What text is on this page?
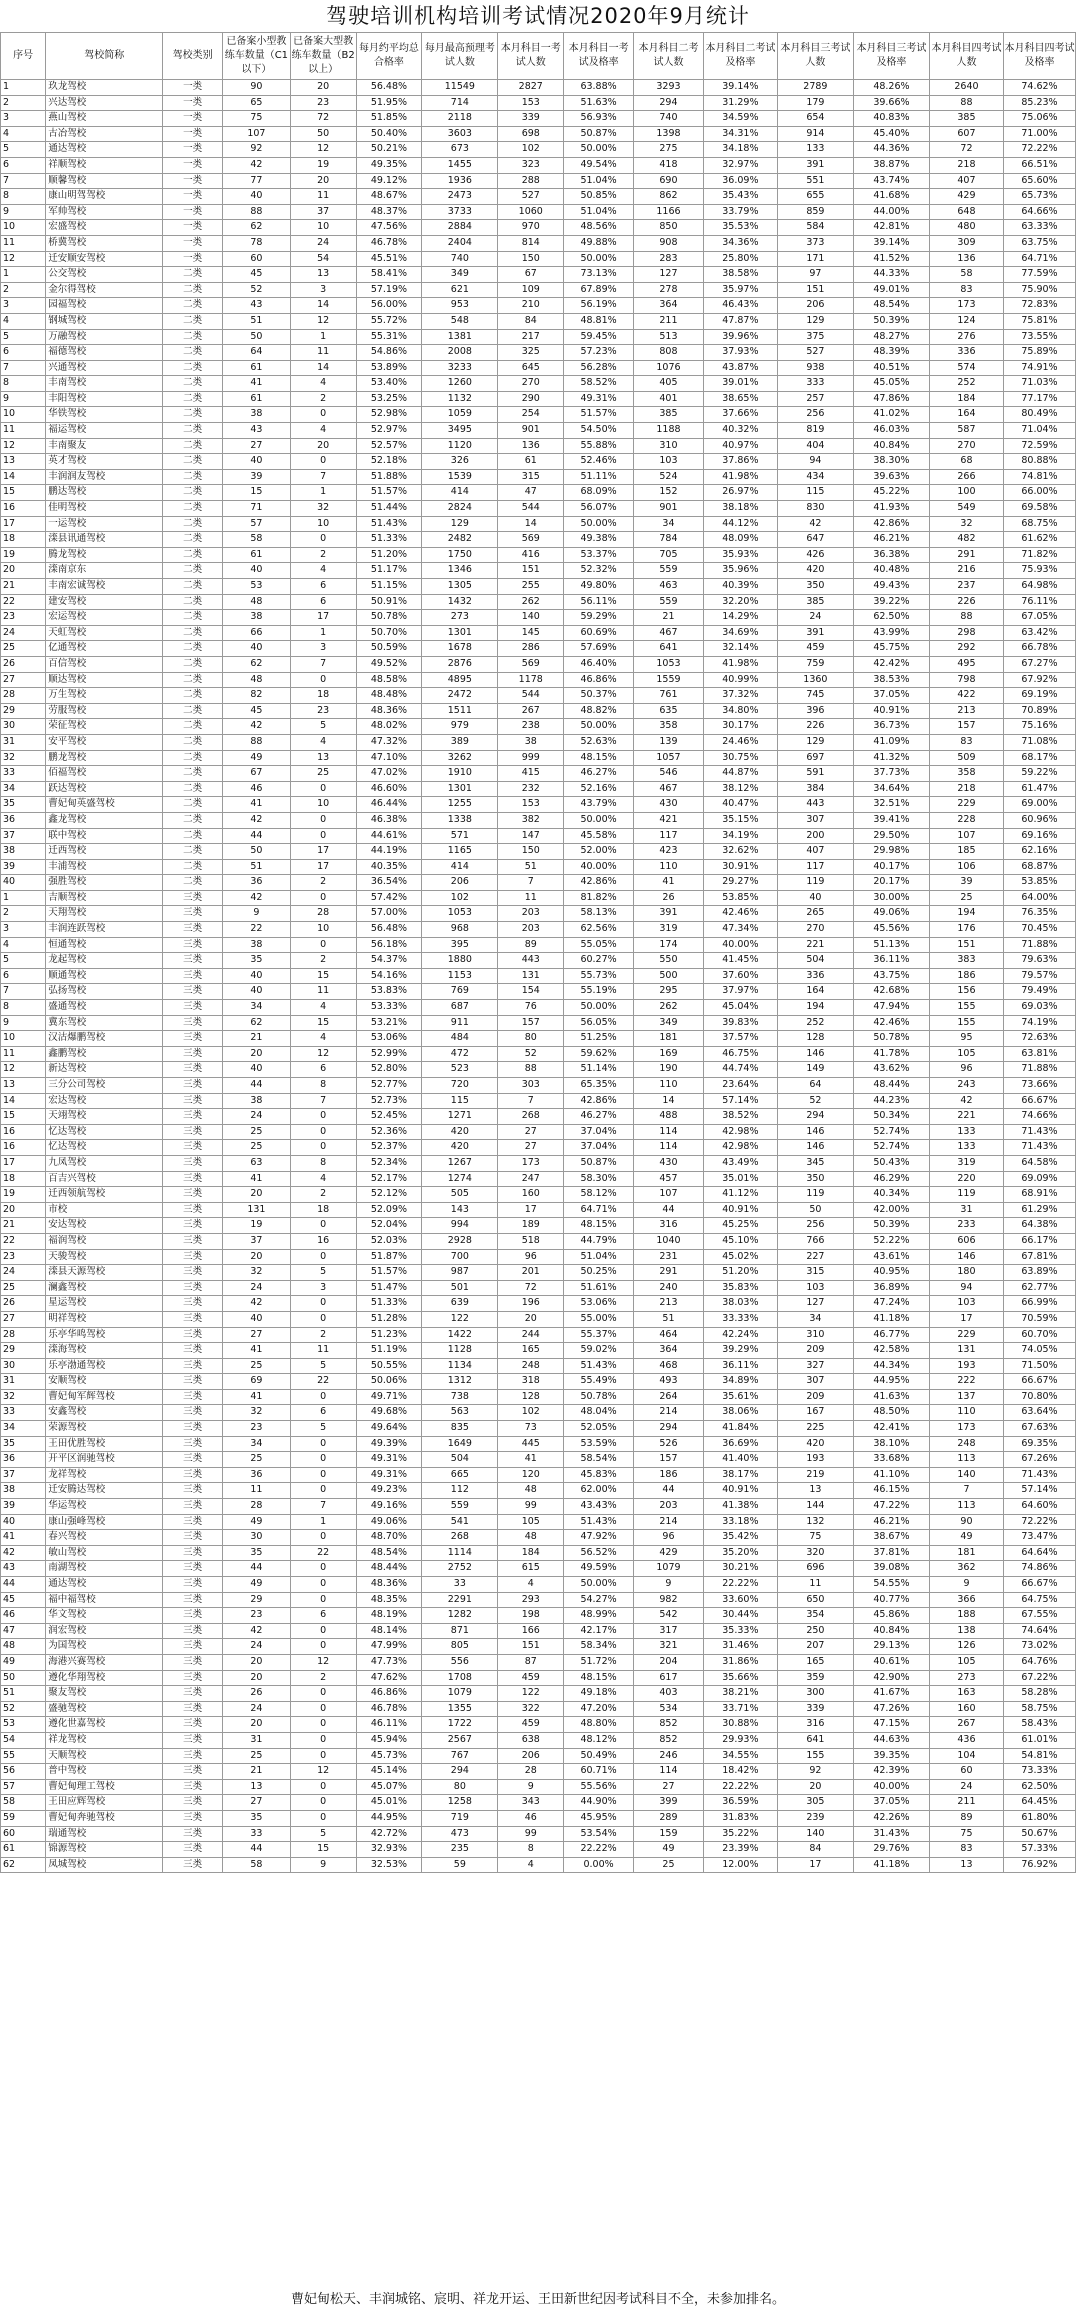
驾驶培训机构培训考试情况2020年9月统计
序号	驾校简称	驾校类别	已备案小型教练车数量（C1以下）	已备案大型教练车数量（B2以上）	每月约平均总合格率	每月最高预理考试人数	本月科目一考试人数	本月科目一考试及格率	本月科目二考试人数	本月科目二考试及格率	本月科目三考试人数	本月科目三考试及格率	本月科目四考试人数	本月科目四考试及格率
1	玖龙驾校	一类	90	20	56.48%	11549	2827	63.88%	3293	39.14%	2789	48.26%	2640	74.62%
2	兴达驾校	一类	65	23	51.95%	714	153	51.63%	294	31.29%	179	39.66%	88	85.23%
3	燕山驾校	一类	75	72	51.85%	2118	339	56.93%	740	34.59%	654	40.83%	385	75.06%
4	古冶驾校	一类	107	50	50.40%	3603	698	50.87%	1398	34.31%	914	45.40%	607	71.00%
5	通达驾校	一类	92	12	50.21%	673	102	50.00%	275	34.18%	133	44.36%	72	72.22%
6	祥顺驾校	一类	42	19	49.35%	1455	323	49.54%	418	32.97%	391	38.87%	218	66.51%
7	顺馨驾校	一类	77	20	49.12%	1936	288	51.04%	690	36.09%	551	43.74%	407	65.60%
8	康山明驾驾校	一类	40	11	48.67%	2473	527	50.85%	862	35.43%	655	41.68%	429	65.73%
9	军帅驾校	一类	88	37	48.37%	3733	1060	51.04%	1166	33.79%	859	44.00%	648	64.66%
10	宏盛驾校	一类	62	10	47.56%	2884	970	48.56%	850	35.53%	584	42.81%	480	63.33%
11	桥冀驾校	一类	78	24	46.78%	2404	814	49.88%	908	34.36%	373	39.14%	309	63.75%
12	迁安顺安驾校	一类	60	54	45.51%	740	150	50.00%	283	25.80%	171	41.52%	136	64.71%
1	公交驾校	二类	45	13	58.41%	349	67	73.13%	127	38.58%	97	44.33%	58	77.59%
2	金尔得驾校	二类	52	3	57.19%	621	109	67.89%	278	35.97%	151	49.01%	83	75.90%
3	园福驾校	二类	43	14	56.00%	953	210	56.19%	364	46.43%	206	48.54%	173	72.83%
4	钢城驾校	二类	51	12	55.72%	548	84	48.81%	211	47.87%	129	50.39%	124	75.81%
5	万融驾校	二类	50	1	55.31%	1381	217	59.45%	513	39.96%	375	48.27%	276	73.55%
6	福德驾校	二类	64	11	54.86%	2008	325	57.23%	808	37.93%	527	48.39%	336	75.89%
7	兴通驾校	二类	61	14	53.89%	3233	645	56.28%	1076	43.87%	938	40.51%	574	74.91%
8	丰南驾校	二类	41	4	53.40%	1260	270	58.52%	405	39.01%	333	45.05%	252	71.03%
9	丰阳驾校	二类	61	2	53.25%	1132	290	49.31%	401	38.65%	257	47.86%	184	77.17%
10	华铁驾校	二类	38	0	52.98%	1059	254	51.57%	385	37.66%	256	41.02%	164	80.49%
11	福运驾校	二类	43	4	52.97%	3495	901	54.50%	1188	40.32%	819	46.03%	587	71.04%
12	丰南聚友	二类	27	20	52.57%	1120	136	55.88%	310	40.97%	404	40.84%	270	72.59%
13	英才驾校	二类	40	0	52.18%	326	61	52.46%	103	37.86%	94	38.30%	68	80.88%
14	丰润润友驾校	二类	39	7	51.88%	1539	315	51.11%	524	41.98%	434	39.63%	266	74.81%
15	鹏达驾校	二类	15	1	51.57%	414	47	68.09%	152	26.97%	115	45.22%	100	66.00%
16	佳明驾校	二类	71	32	51.44%	2824	544	56.07%	901	38.18%	830	41.93%	549	69.58%
17	一运驾校	二类	57	10	51.43%	129	14	50.00%	34	44.12%	42	42.86%	32	68.75%
18	滦县讯通驾校	二类	58	0	51.33%	2482	569	49.38%	784	48.09%	647	46.21%	482	61.62%
19	腾龙驾校	二类	61	2	51.20%	1750	416	53.37%	705	35.93%	426	36.38%	291	71.82%
20	滦南京东	二类	40	4	51.17%	1346	151	52.32%	559	35.96%	420	40.48%	216	75.93%
21	丰南宏诚驾校	二类	53	6	51.15%	1305	255	49.80%	463	40.39%	350	49.43%	237	64.98%
22	建安驾校	二类	48	6	50.91%	1432	262	56.11%	559	32.20%	385	39.22%	226	76.11%
23	宏运驾校	二类	38	17	50.78%	273	140	59.29%	21	14.29%	24	62.50%	88	67.05%
24	天虹驾校	二类	66	1	50.70%	1301	145	60.69%	467	34.69%	391	43.99%	298	63.42%
25	亿通驾校	二类	40	3	50.59%	1678	286	57.69%	641	32.14%	459	45.75%	292	66.78%
26	百信驾校	二类	62	7	49.52%	2876	569	46.40%	1053	41.98%	759	42.42%	495	67.27%
27	顺达驾校	二类	48	0	48.58%	4895	1178	46.86%	1559	40.99%	1360	38.53%	798	67.92%
28	万生驾校	二类	82	18	48.48%	2472	544	50.37%	761	37.32%	745	37.05%	422	69.19%
29	劳服驾校	二类	45	23	48.36%	1511	267	48.82%	635	34.80%	396	40.91%	213	70.89%
30	荣征驾校	二类	42	5	48.02%	979	238	50.00%	358	30.17%	226	36.73%	157	75.16%
31	安平驾校	二类	88	4	47.32%	389	38	52.63%	139	24.46%	129	41.09%	83	71.08%
32	鹏龙驾校	二类	49	13	47.10%	3262	999	48.15%	1057	30.75%	697	41.32%	509	68.17%
33	佰福驾校	二类	67	25	47.02%	1910	415	46.27%	546	44.87%	591	37.73%	358	59.22%
34	跃达驾校	二类	46	0	46.60%	1301	232	52.16%	467	38.12%	384	34.64%	218	61.47%
35	曹妃甸英盛驾校	二类	41	10	46.44%	1255	153	43.79%	430	40.47%	443	32.51%	229	69.00%
36	鑫龙驾校	二类	42	0	46.38%	1338	382	50.00%	421	35.15%	307	39.41%	228	60.96%
37	联中驾校	二类	44	0	44.61%	571	147	45.58%	117	34.19%	200	29.50%	107	69.16%
38	迁西驾校	二类	50	17	44.19%	1165	150	52.00%	423	32.62%	407	29.98%	185	62.16%
39	丰浦驾校	二类	51	17	40.35%	414	51	40.00%	110	30.91%	117	40.17%	106	68.87%
40	强胜驾校	二类	36	2	36.54%	206	7	42.86%	41	29.27%	119	20.17%	39	53.85%
1	吉顺驾校	三类	42	0	57.42%	102	11	81.82%	26	53.85%	40	30.00%	25	64.00%
2	天翔驾校	三类	9	28	57.00%	1053	203	58.13%	391	42.46%	265	49.06%	194	76.35%
3	丰润连跃驾校	三类	22	10	56.48%	968	203	62.56%	319	47.34%	270	45.56%	176	70.45%
4	恒通驾校	三类	38	0	56.18%	395	89	55.05%	174	40.00%	221	51.13%	151	71.88%
5	龙起驾校	三类	35	2	54.37%	1880	443	60.27%	550	41.45%	504	36.11%	383	79.63%
6	顺通驾校	三类	40	15	54.16%	1153	131	55.73%	500	37.60%	336	43.75%	186	79.57%
7	弘扬驾校	三类	40	11	53.83%	769	154	55.19%	295	37.97%	164	42.68%	156	79.49%
8	盛通驾校	三类	34	4	53.33%	687	76	50.00%	262	45.04%	194	47.94%	155	69.03%
9	冀东驾校	三类	62	15	53.21%	911	157	56.05%	349	39.83%	252	42.46%	155	74.19%
10	汉沽爆鹏驾校	三类	21	4	53.06%	484	80	51.25%	181	37.57%	128	50.78%	95	72.63%
11	鑫鹏驾校	三类	20	12	52.99%	472	52	59.62%	169	46.75%	146	41.78%	105	63.81%
12	新达驾校	三类	40	6	52.80%	523	88	51.14%	190	44.74%	149	43.62%	96	71.88%
13	三分公司驾校	三类	44	8	52.77%	720	303	65.35%	110	23.64%	64	48.44%	243	73.66%
14	宏达驾校	三类	38	7	52.73%	115	7	42.86%	14	57.14%	52	44.23%	42	66.67%
15	天翊驾校	三类	24	0	52.45%	1271	268	46.27%	488	38.52%	294	50.34%	221	74.66%
16	忆达驾校	三类	25	0	52.36%	420	27	37.04%	114	42.98%	146	52.74%	133	71.43%
16	忆达驾校	三类	25	0	52.37%	420	27	37.04%	114	42.98%	146	52.74%	133	71.43%
17	九凤驾校	三类	63	8	52.34%	1267	173	50.87%	430	43.49%	345	50.43%	319	64.58%
18	百吉兴驾校	三类	41	4	52.17%	1274	247	58.30%	457	35.01%	350	46.29%	220	69.09%
19	迁西领航驾校	三类	20	2	52.12%	505	160	58.12%	107	41.12%	119	40.34%	119	68.91%
20	市校	三类	131	18	52.09%	143	17	64.71%	44	40.91%	50	42.00%	31	61.29%
21	安达驾校	三类	19	0	52.04%	994	189	48.15%	316	45.25%	256	50.39%	233	64.38%
22	福润驾校	三类	37	16	52.03%	2928	518	44.79%	1040	45.10%	766	52.22%	606	66.17%
23	天骏驾校	三类	20	0	51.87%	700	96	51.04%	231	45.02%	227	43.61%	146	67.81%
24	滦县天源驾校	三类	32	5	51.57%	987	201	50.25%	291	51.20%	315	40.95%	180	63.89%
25	澜鑫驾校	三类	24	3	51.47%	501	72	51.61%	240	35.83%	103	36.89%	94	62.77%
26	星运驾校	三类	42	0	51.33%	639	196	53.06%	213	38.03%	127	47.24%	103	66.99%
27	明祥驾校	三类	40	0	51.28%	122	20	55.00%	51	33.33%	34	41.18%	17	70.59%
28	乐亭华鸣驾校	三类	27	2	51.23%	1422	244	55.37%	464	42.24%	310	46.77%	229	60.70%
29	滦海驾校	三类	41	11	51.19%	1128	165	59.02%	364	39.29%	209	42.58%	131	74.05%
30	乐亭渤通驾校	三类	25	5	50.55%	1134	248	51.43%	468	36.11%	327	44.34%	193	71.50%
31	安顺驾校	三类	69	22	50.06%	1312	318	55.49%	493	34.89%	307	44.95%	222	66.67%
32	曹妃甸军辉驾校	三类	41	0	49.71%	738	128	50.78%	264	35.61%	209	41.63%	137	70.80%
33	安鑫驾校	三类	32	6	49.68%	563	102	48.04%	214	38.06%	167	48.50%	110	63.64%
34	荣源驾校	三类	23	5	49.64%	835	73	52.05%	294	41.84%	225	42.41%	173	67.63%
35	王田优胜驾校	三类	34	0	49.39%	1649	445	53.59%	526	36.69%	420	38.10%	248	69.35%
36	开平区润驰驾校	三类	25	0	49.31%	504	41	58.54%	157	41.40%	193	33.68%	113	67.26%
37	龙祥驾校	三类	36	0	49.31%	665	120	45.83%	186	38.17%	219	41.10%	140	71.43%
38	迁安腾达驾校	三类	11	0	49.23%	112	48	62.00%	44	40.91%	13	46.15%	7	57.14%
39	华运驾校	三类	28	7	49.16%	559	99	43.43%	203	41.38%	144	47.22%	113	64.60%
40	康山强峰驾校	三类	49	1	49.06%	541	105	51.43%	214	33.18%	132	46.21%	90	72.22%
41	春兴驾校	三类	30	0	48.70%	268	48	47.92%	96	35.42%	75	38.67%	49	73.47%
42	敏山驾校	三类	35	22	48.54%	1114	184	56.52%	429	35.20%	320	37.81%	181	64.64%
43	南湖驾校	三类	44	0	48.44%	2752	615	49.59%	1079	30.21%	696	39.08%	362	74.86%
44	通达驾校	三类	49	0	48.36%	33	4	50.00%	9	22.22%	11	54.55%	9	66.67%
45	福中福驾校	三类	29	0	48.35%	2291	293	54.27%	982	33.60%	650	40.77%	366	64.75%
46	华文驾校	三类	23	6	48.19%	1282	198	48.99%	542	30.44%	354	45.86%	188	67.55%
47	润宏驾校	三类	42	0	48.14%	871	166	42.17%	317	35.33%	250	40.84%	138	74.64%
48	为国驾校	三类	24	0	47.99%	805	151	58.34%	321	31.46%	207	29.13%	126	73.02%
49	海港兴赛驾校	三类	20	12	47.73%	556	87	51.72%	204	31.86%	165	40.61%	105	64.76%
50	遵化华翔驾校	三类	20	2	47.62%	1708	459	48.15%	617	35.66%	359	42.90%	273	67.22%
51	聚友驾校	三类	26	0	46.86%	1079	122	49.18%	403	38.21%	300	41.67%	163	58.28%
52	盛驰驾校	三类	24	0	46.78%	1355	322	47.20%	534	33.71%	339	47.26%	160	58.75%
53	遵化世嘉驾校	三类	20	0	46.11%	1722	459	48.80%	852	30.88%	316	47.15%	267	58.43%
54	祥龙驾校	三类	31	0	45.94%	2567	638	48.12%	852	29.93%	641	44.63%	436	61.01%
55	天顺驾校	三类	25	0	45.73%	767	206	50.49%	246	34.55%	155	39.35%	104	54.81%
56	普中驾校	三类	21	12	45.14%	294	28	60.71%	114	18.42%	92	42.39%	60	73.33%
57	曹妃甸理工驾校	三类	13	0	45.07%	80	9	55.56%	27	22.22%	20	40.00%	24	62.50%
58	王田应辉驾校	三类	27	0	45.01%	1258	343	44.90%	399	36.59%	305	37.05%	211	64.45%
59	曹妃甸奔驰驾校	三类	35	0	44.95%	719	46	45.95%	289	31.83%	239	42.26%	89	61.80%
60	瑞通驾校	三类	33	5	42.72%	473	99	53.54%	159	35.22%	140	31.43%	75	50.67%
61	锦源驾校	三类	44	15	32.93%	235	8	22.22%	49	23.39%	84	29.76%	83	57.33%
62	凤城驾校	三类	58	9	32.53%	59	4	0.00%	25	12.00%	17	41.18%	13	76.92%
曹妃甸松天、丰润城铭、宸明、祥龙开运、王田新世纪因考试科目不全，未参加排名。
